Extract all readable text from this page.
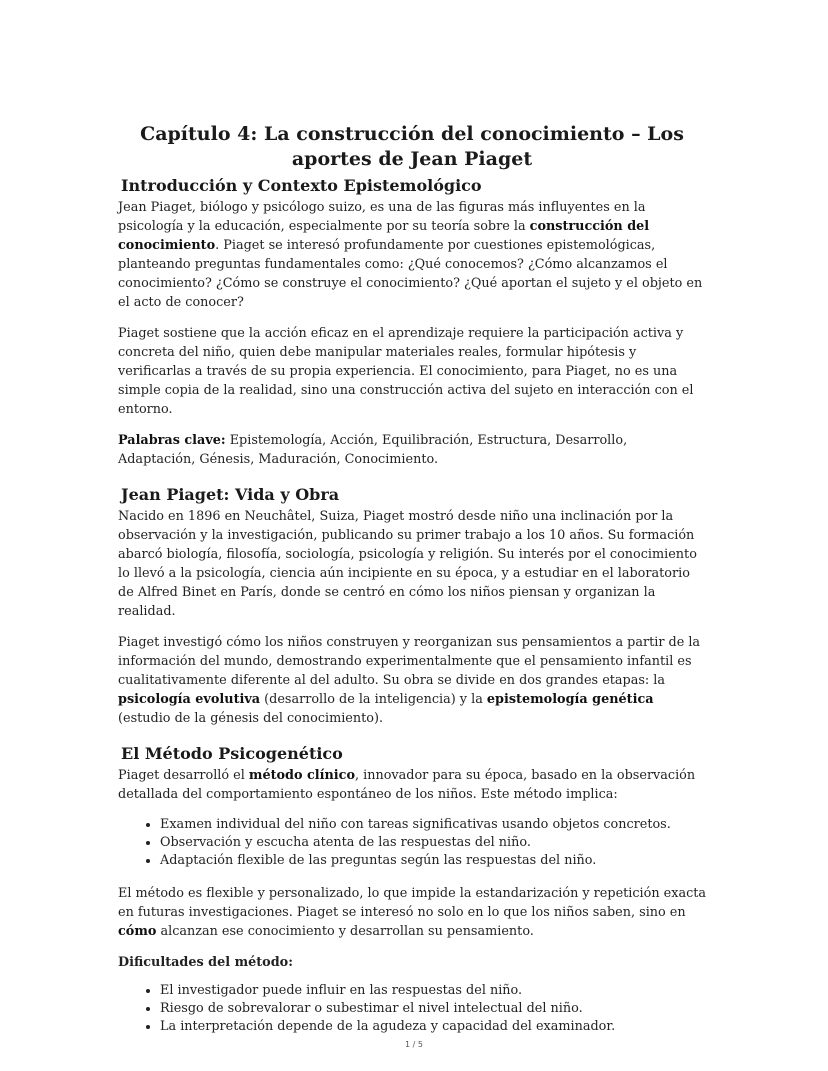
Capítulo 4: La construcción del conocimiento – Los aportes de Jean Piaget
Introducción y Contexto Epistemológico

Jean Piaget, biólogo y psicólogo suizo, es una de las figuras más influyentes en la psicología y la educación, especialmente por su teoría sobre la construcción del conocimiento. Piaget se interesó profundamente por cuestiones epistemológicas, planteando preguntas fundamentales como: ¿Qué conocemos? ¿Cómo alcanzamos el conocimiento? ¿Cómo se construye el conocimiento? ¿Qué aportan el sujeto y el objeto en el acto de conocer?

Piaget sostiene que la acción eficaz en el aprendizaje requiere la participación activa y concreta del niño, quien debe manipular materiales reales, formular hipótesis y verificarlas a través de su propia experiencia. El conocimiento, para Piaget, no es una simple copia de la realidad, sino una construcción activa del sujeto en interacción con el entorno.

Palabras clave: Epistemología, Acción, Equilibración, Estructura, Desarrollo, Adaptación, Génesis, Maduración, Conocimiento.

Jean Piaget: Vida y Obra

Nacido en 1896 en Neuchâtel, Suiza, Piaget mostró desde niño una inclinación por la observación y la investigación, publicando su primer trabajo a los 10 años. Su formación abarcó biología, filosofía, sociología, psicología y religión. Su interés por el conocimiento lo llevó a la psicología, ciencia aún incipiente en su época, y a estudiar en el laboratorio de Alfred Binet en París, donde se centró en cómo los niños piensan y organizan la realidad.

Piaget investigó cómo los niños construyen y reorganizan sus pensamientos a partir de la información del mundo, demostrando experimentalmente que el pensamiento infantil es cualitativamente diferente al del adulto. Su obra se divide en dos grandes etapas: la psicología evolutiva (desarrollo de la inteligencia) y la epistemología genética (estudio de la génesis del conocimiento).

El Método Psicogenético

Piaget desarrolló el método clínico, innovador para su época, basado en la observación detallada del comportamiento espontáneo de los niños. Este método implica:

• Examen individual del niño con tareas significativas usando objetos concretos.
• Observación y escucha atenta de las respuestas del niño.
• Adaptación flexible de las preguntas según las respuestas del niño.

El método es flexible y personalizado, lo que impide la estandarización y repetición exacta en futuras investigaciones. Piaget se interesó no solo en lo que los niños saben, sino en cómo alcanzan ese conocimiento y desarrollan su pensamiento.

Dificultades del método:
• El investigador puede influir en las respuestas del niño.
• Riesgo de sobrevalorar o subestimar el nivel intelectual del niño.
• La interpretación depende de la agudeza y capacidad del examinador.
1 / 5
